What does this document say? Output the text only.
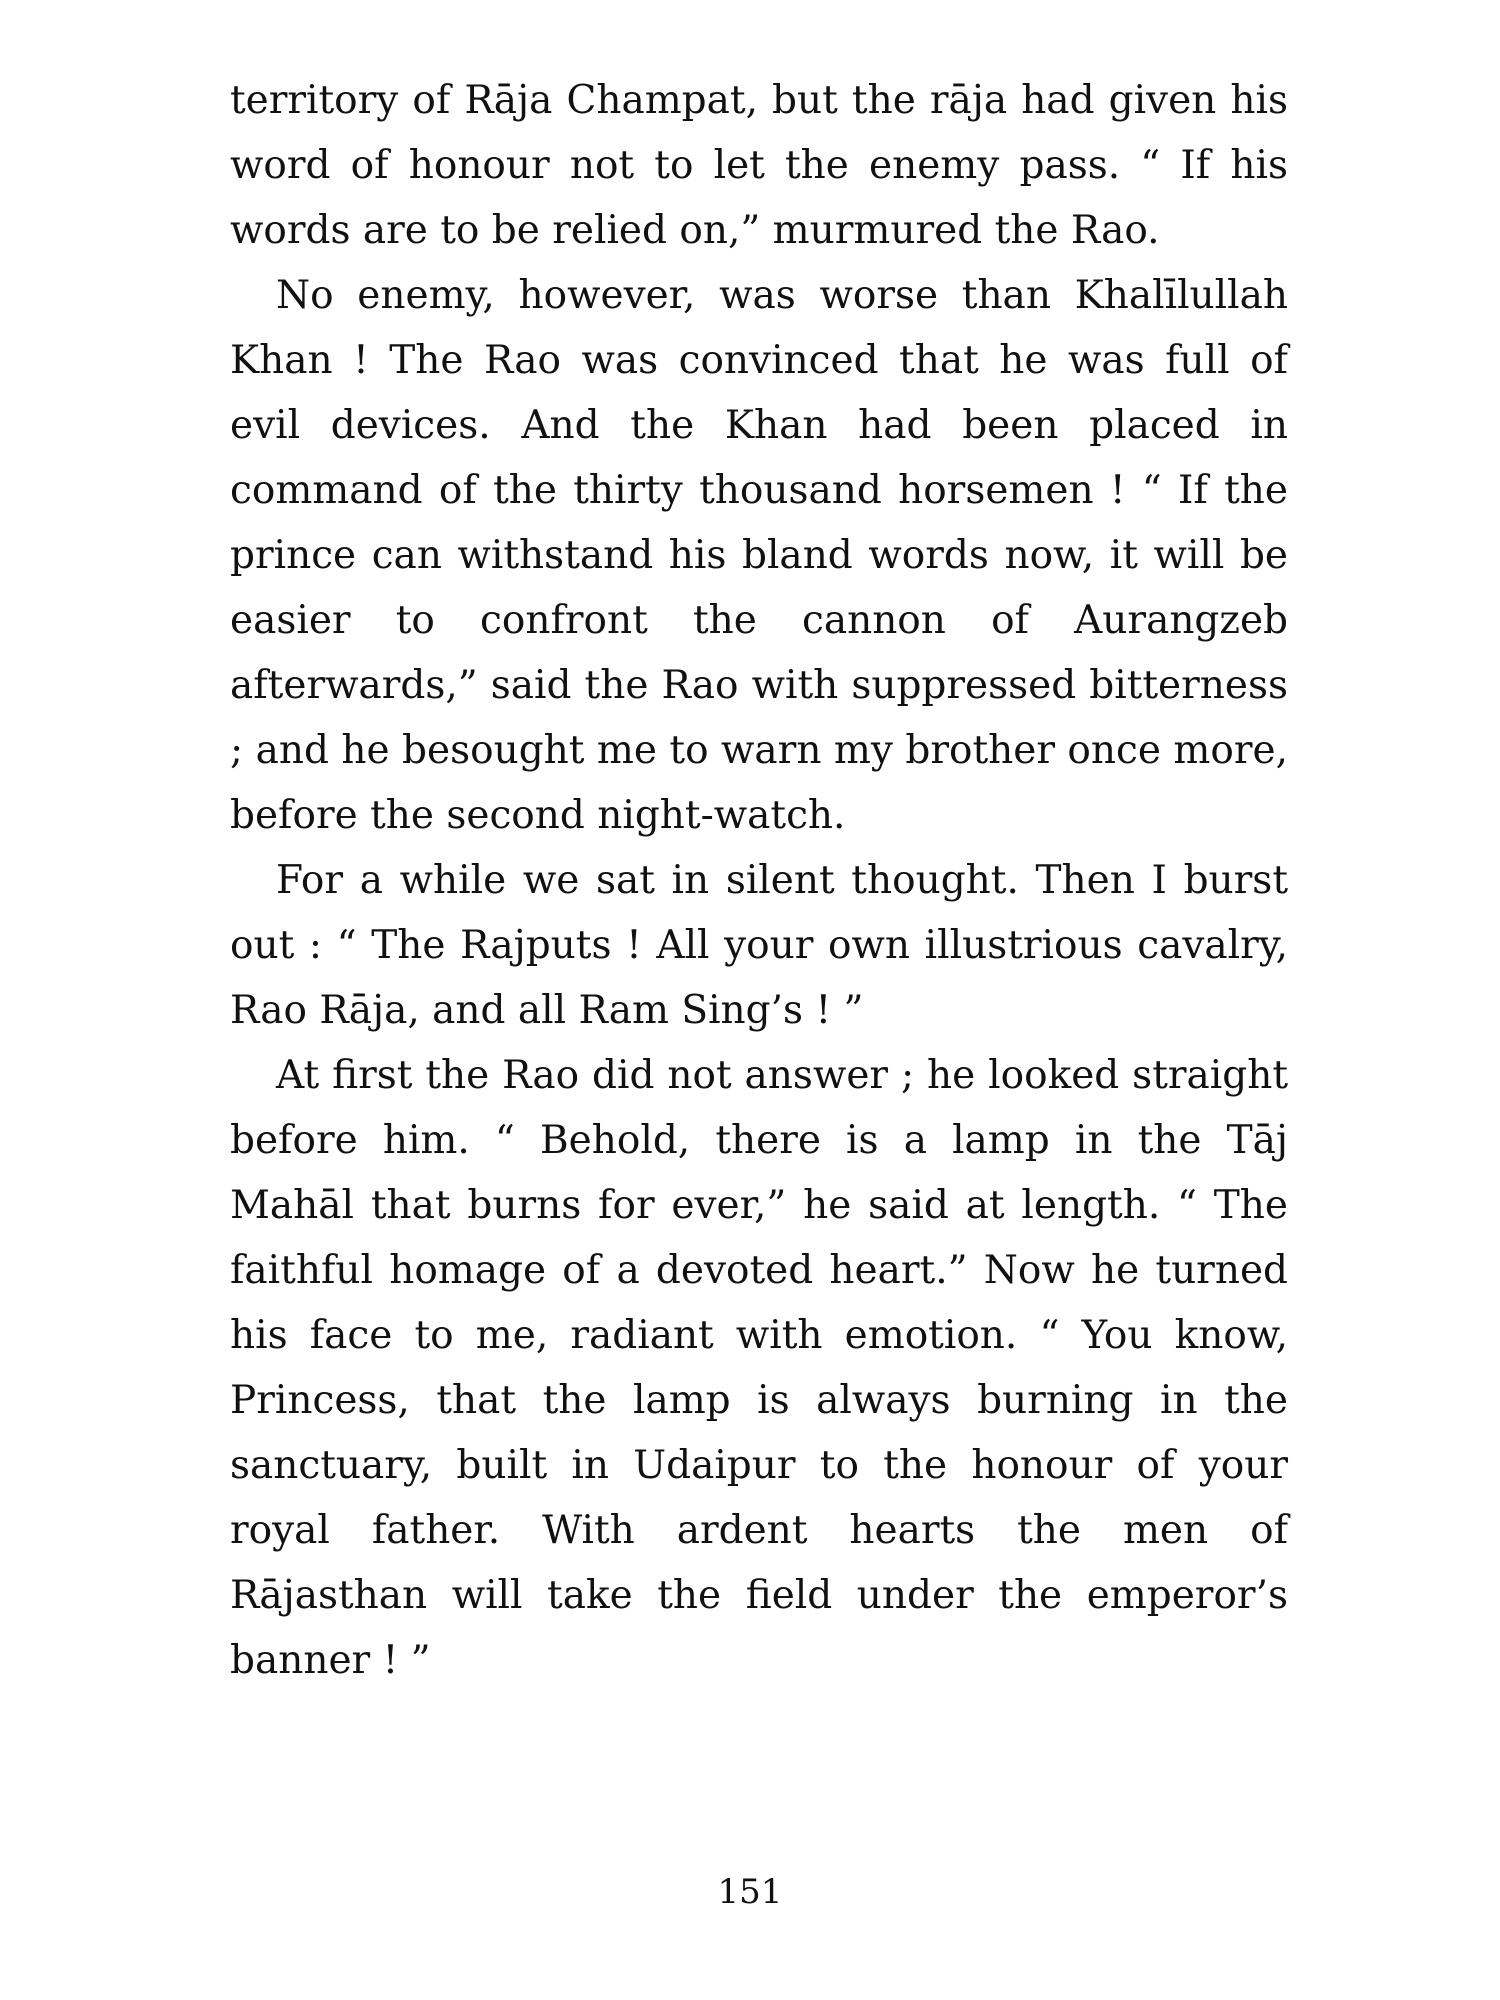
territory of Rāja Champat, but the rāja had given his word of honour not to let the enemy pass. “ If his words are to be relied on,” murmured the Rao.

No enemy, however, was worse than Khalīlullah Khan ! The Rao was convinced that he was full of evil devices. And the Khan had been placed in command of the thirty thousand horsemen ! “ If the prince can withstand his bland words now, it will be easier to confront the cannon of Aurangzeb afterwards,” said the Rao with suppressed bitterness ; and he besought me to warn my brother once more, before the second night-watch.

For a while we sat in silent thought. Then I burst out : “ The Rajputs ! All your own illustrious cavalry, Rao Rāja, and all Ram Sing’s ! ”

At first the Rao did not answer ; he looked straight before him. “ Behold, there is a lamp in the Tāj Mahāl that burns for ever,” he said at length. “ The faithful homage of a devoted heart.” Now he turned his face to me, radiant with emotion. “ You know, Princess, that the lamp is always burning in the sanctuary, built in Udaipur to the honour of your royal father. With ardent hearts the men of Rājasthan will take the field under the emperor’s banner ! ”

151
